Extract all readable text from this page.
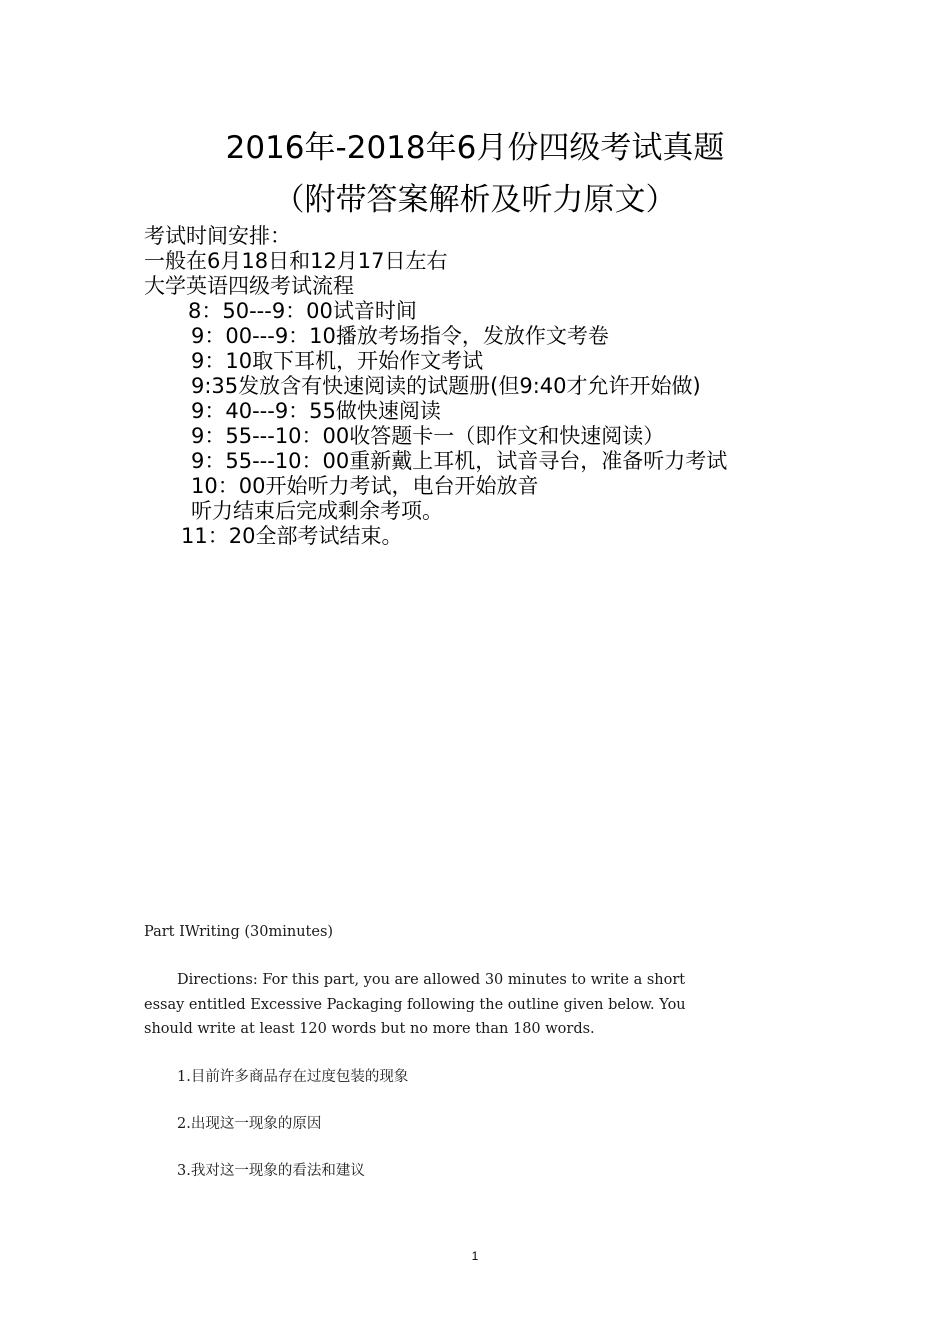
2016年-2018年6月份四级考试真题
（附带答案解析及听力原文）
考试时间安排：
一般在6月18日和12月17日左右
大学英语四级考试流程
8：50---9：00试音时间
9：00---9：10播放考场指令，发放作文考卷
9：10取下耳机，开始作文考试
9:35发放含有快速阅读的试题册(但9:40才允许开始做)
9：40---9：55做快速阅读
9：55---10：00收答题卡一（即作文和快速阅读）
9：55---10：00重新戴上耳机，试音寻台，准备听力考试
10：00开始听力考试，电台开始放音
听力结束后完成剩余考项。
11：20全部考试结束。
Part ⅠWriting (30minutes)
Directions: For this part, you are allowed 30 minutes to write a short
essay entitled Excessive Packaging following the outline given below. You
should write at least 120 words but no more than 180 words.
1.目前许多商品存在过度包装的现象
2.出现这一现象的原因
3.我对这一现象的看法和建议
1
